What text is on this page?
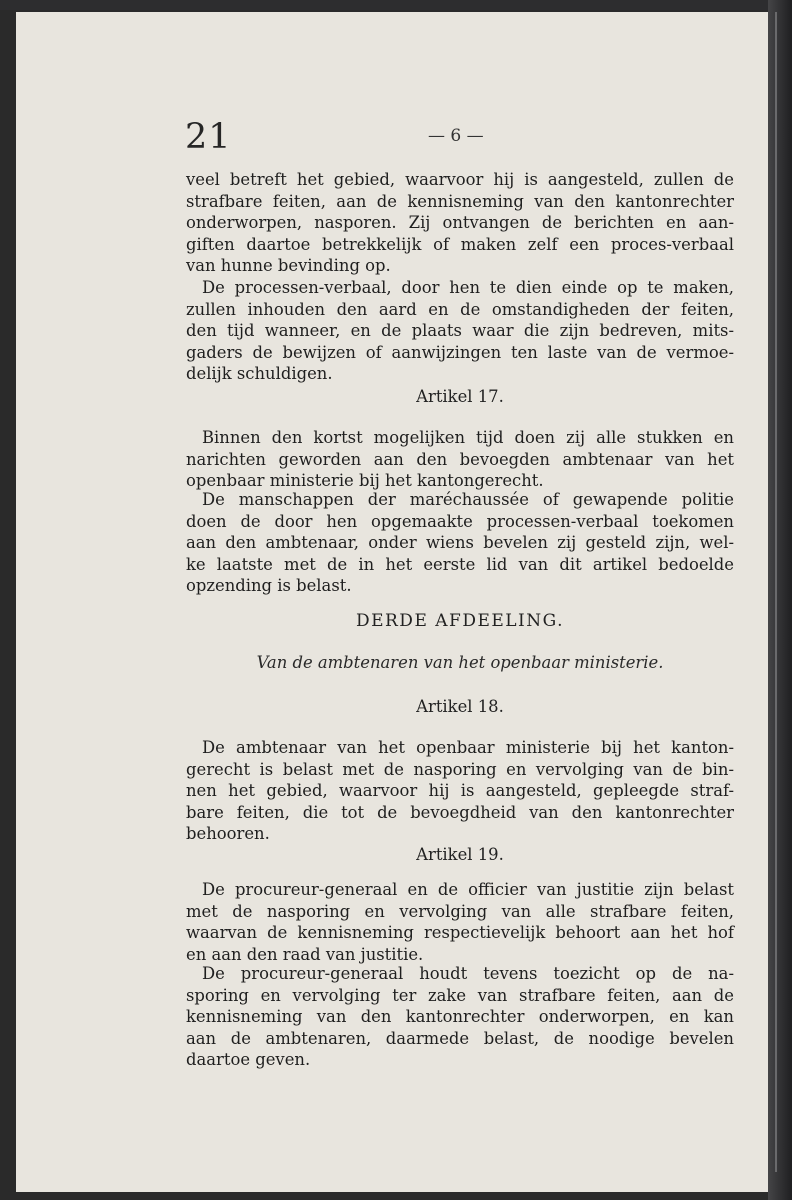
21	— 6 —
veel betreft het gebied, waarvoor hij is aangesteld, zullen de
strafbare feiten, aan de kennisneming van den kantonrechter
onderworpen, nasporen. Zij ontvangen de berichten en aan-
giften daartoe betrekkelijk of maken zelf een proces-verbaal
van hunne bevinding op.
De processen-verbaal, door hen te dien einde op te maken,
zullen inhouden den aard en de omstandigheden der feiten,
den tijd wanneer, en de plaats waar die zijn bedreven, mits-
gaders de bewijzen of aanwijzingen ten laste van de vermoe-
delijk schuldigen.
Artikel 17.
Binnen den kortst mogelijken tijd doen zij alle stukken en
narichten geworden aan den bevoegden ambtenaar van het
openbaar ministerie bij het kantongerecht.
De manschappen der maréchaussée of gewapende politie
doen de door hen opgemaakte processen-verbaal toekomen
aan den ambtenaar, onder wiens bevelen zij gesteld zijn, wel-
ke laatste met de in het eerste lid van dit artikel bedoelde
opzending is belast.
DERDE AFDEELING.
Van de ambtenaren van het openbaar ministerie.
Artikel 18.
De ambtenaar van het openbaar ministerie bij het kanton-
gerecht is belast met de nasporing en vervolging van de bin-
nen het gebied, waarvoor hij is aangesteld, gepleegde straf-
bare feiten, die tot de bevoegdheid van den kantonrechter
behooren.
Artikel 19.
De procureur-generaal en de officier van justitie zijn belast
met de nasporing en vervolging van alle strafbare feiten,
waarvan de kennisneming respectievelijk behoort aan het hof
en aan den raad van justitie.
De procureur-generaal houdt tevens toezicht op de na-
sporing en vervolging ter zake van strafbare feiten, aan de
kennisneming van den kantonrechter onderworpen, en kan
aan de ambtenaren, daarmede belast, de noodige bevelen
daartoe geven.
